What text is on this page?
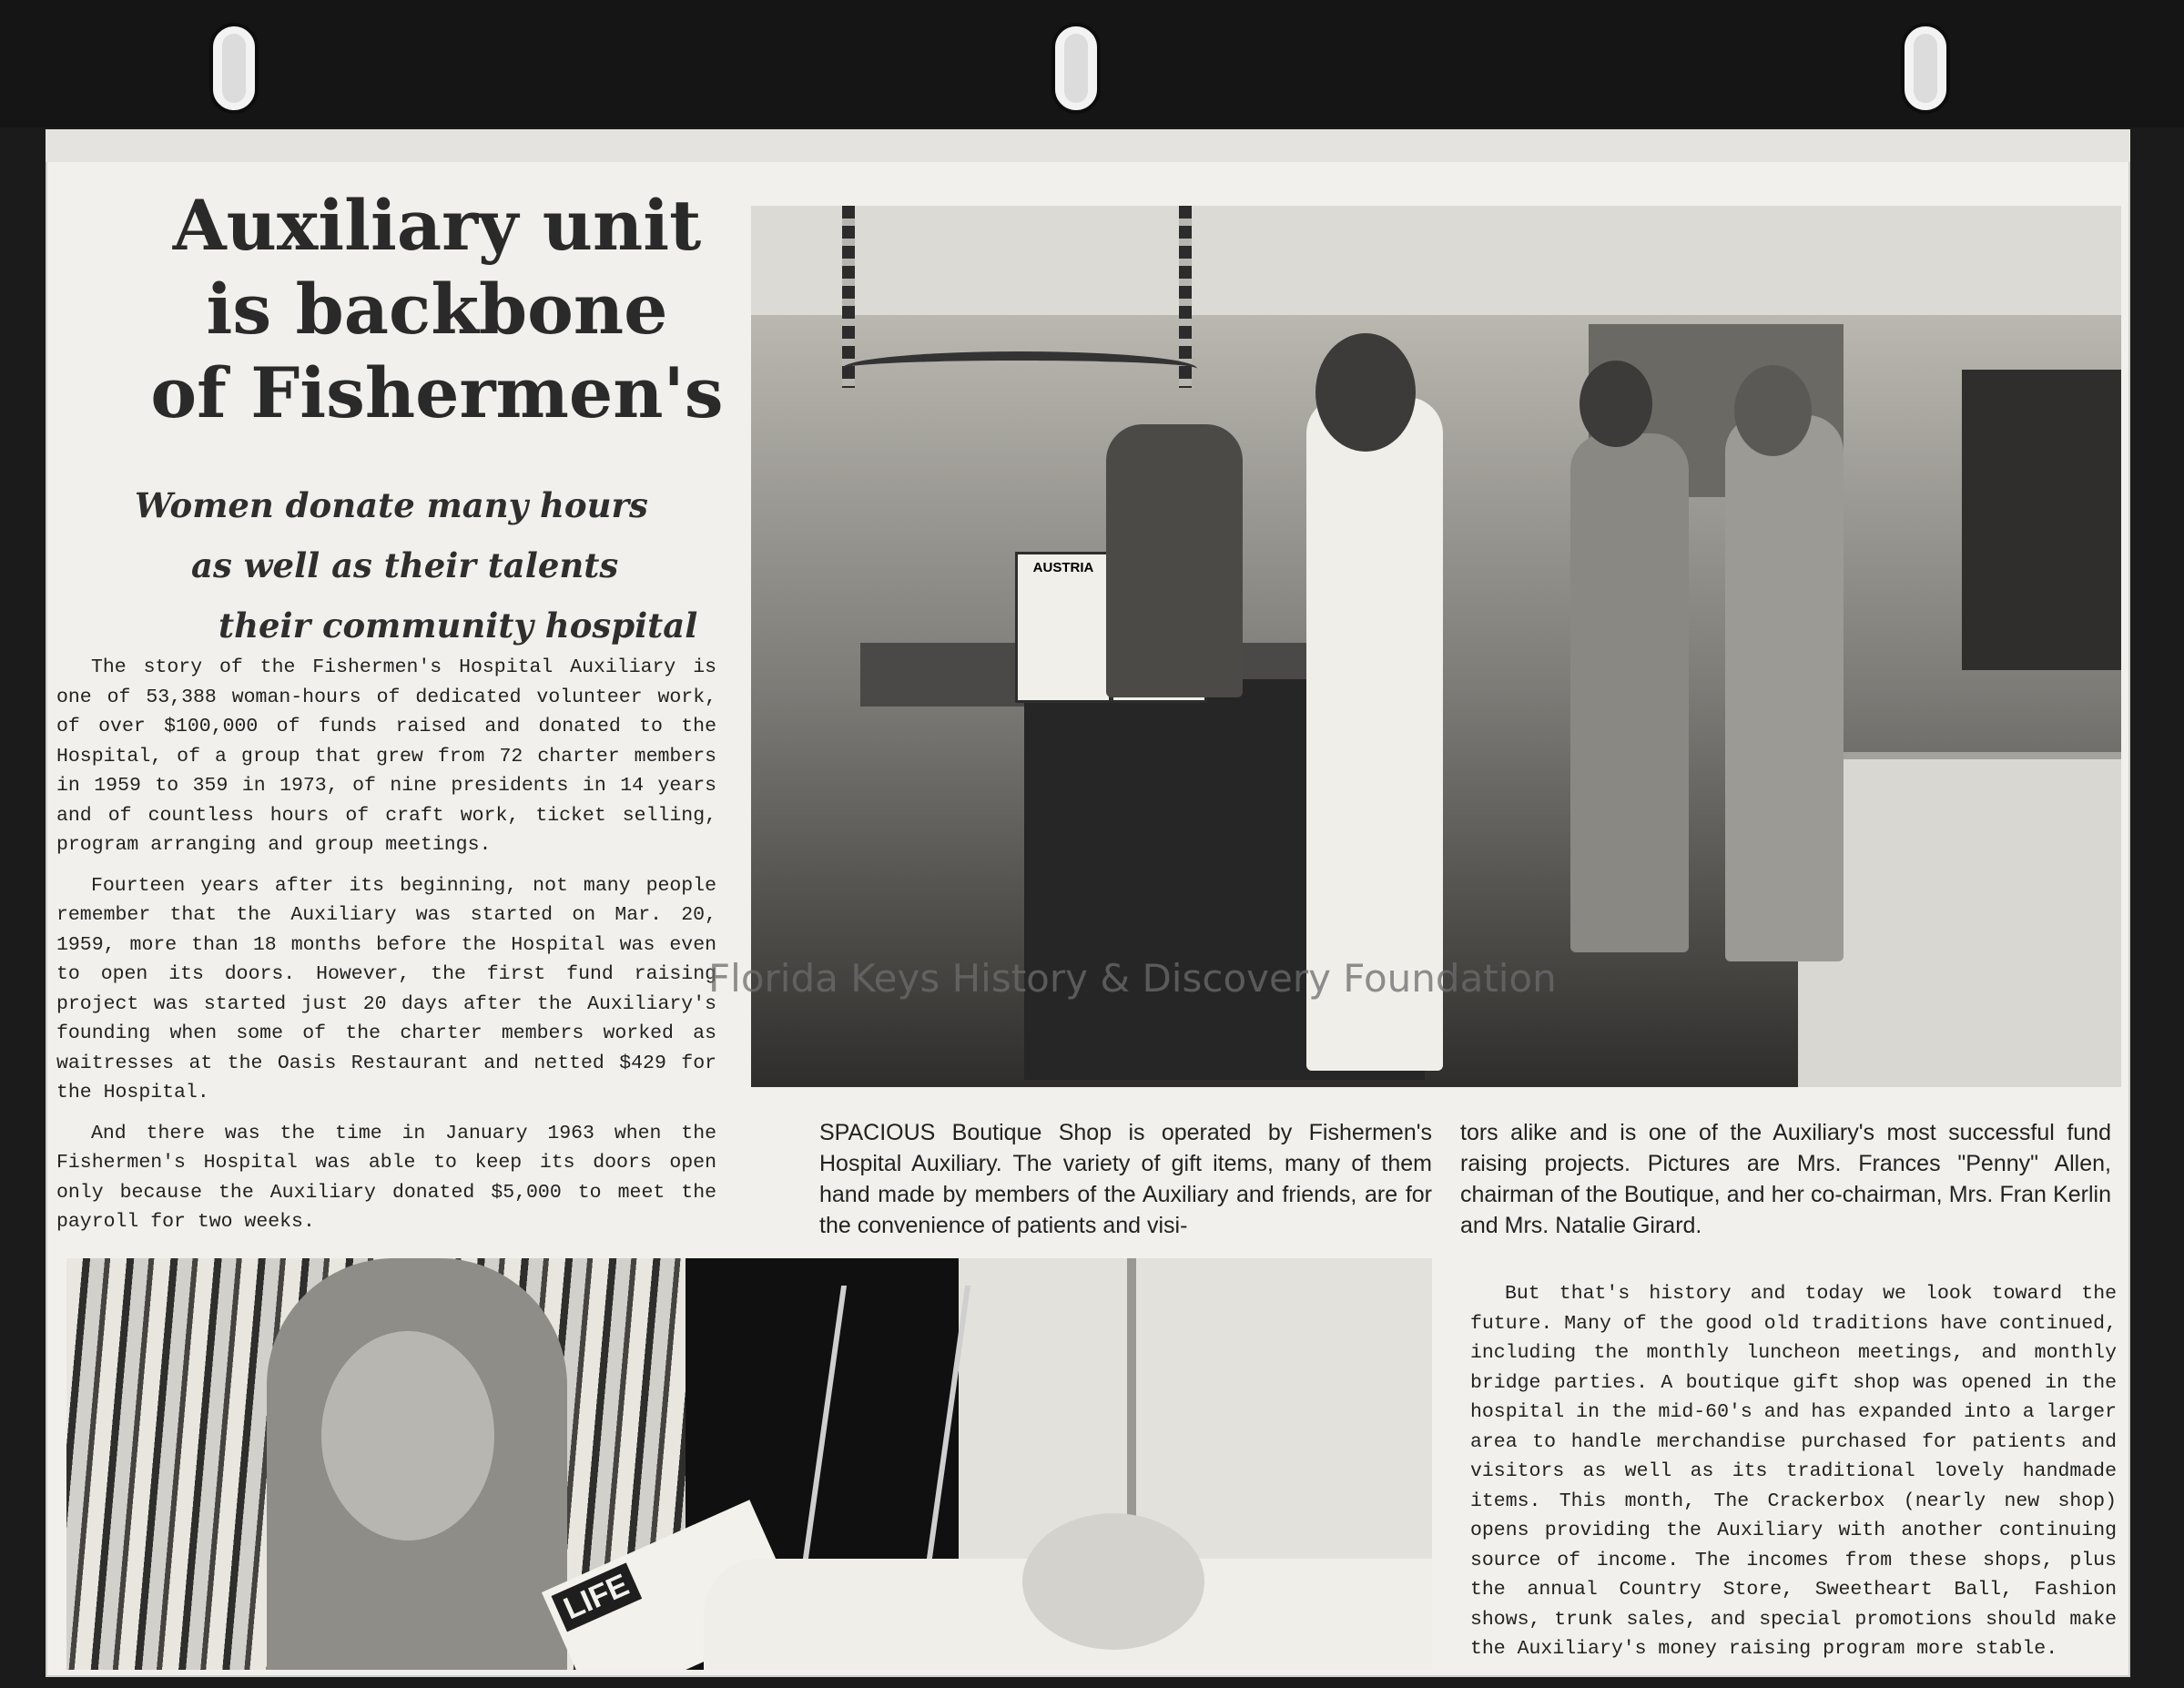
Auxiliary unit
is backbone
of Fishermen's
Women donate many hours
as well as their talents
their community hospital

The story of the Fishermen's Hospital Auxiliary is one of 53,388 woman-hours of dedicated volunteer work, of over $100,000 of funds raised and donated to the Hospital, of a group that grew from 72 charter members in 1959 to 359 in 1973, of nine presidents in 14 years and of countless hours of craft work, ticket selling, program arranging and group meetings.

Fourteen years after its beginning, not many people remember that the Auxiliary was started on Mar. 20, 1959, more than 18 months before the Hospital was even to open its doors. However, the first fund raising project was started just 20 days after the Auxiliary's founding when some of the charter members worked as waitresses at the Oasis Restaurant and netted $429 for the Hospital.

And there was the time in January 1963 when the Fishermen's Hospital was able to keep its doors open only because the Auxiliary donated $5,000 to meet the payroll for two weeks.

AUSTRIA

SPACIOUS Boutique Shop is operated by Fishermen's Hospital Auxiliary. The variety of gift items, many of them hand made by members of the Auxiliary and friends, are for the convenience of patients and visi-

tors alike and is one of the Auxiliary's most successful fund raising projects. Pictures are Mrs. Frances "Penny" Allen, chairman of the Boutique, and her co-chairman, Mrs. Fran Kerlin and Mrs. Natalie Girard.

LIFE

But that's history and today we look toward the future. Many of the good old traditions have continued, including the monthly luncheon meetings, and monthly bridge parties. A boutique gift shop was opened in the hospital in the mid-60's and has expanded into a larger area to handle merchandise purchased for patients and visitors as well as its traditional lovely handmade items. This month, The Crackerbox (nearly new shop) opens providing the Auxiliary with another continuing source of income. The incomes from these shops, plus the annual Country Store, Sweetheart Ball, Fashion shows, trunk sales, and special promotions should make the Auxiliary's money raising program more stable.

Florida Keys History & Discovery Foundation
